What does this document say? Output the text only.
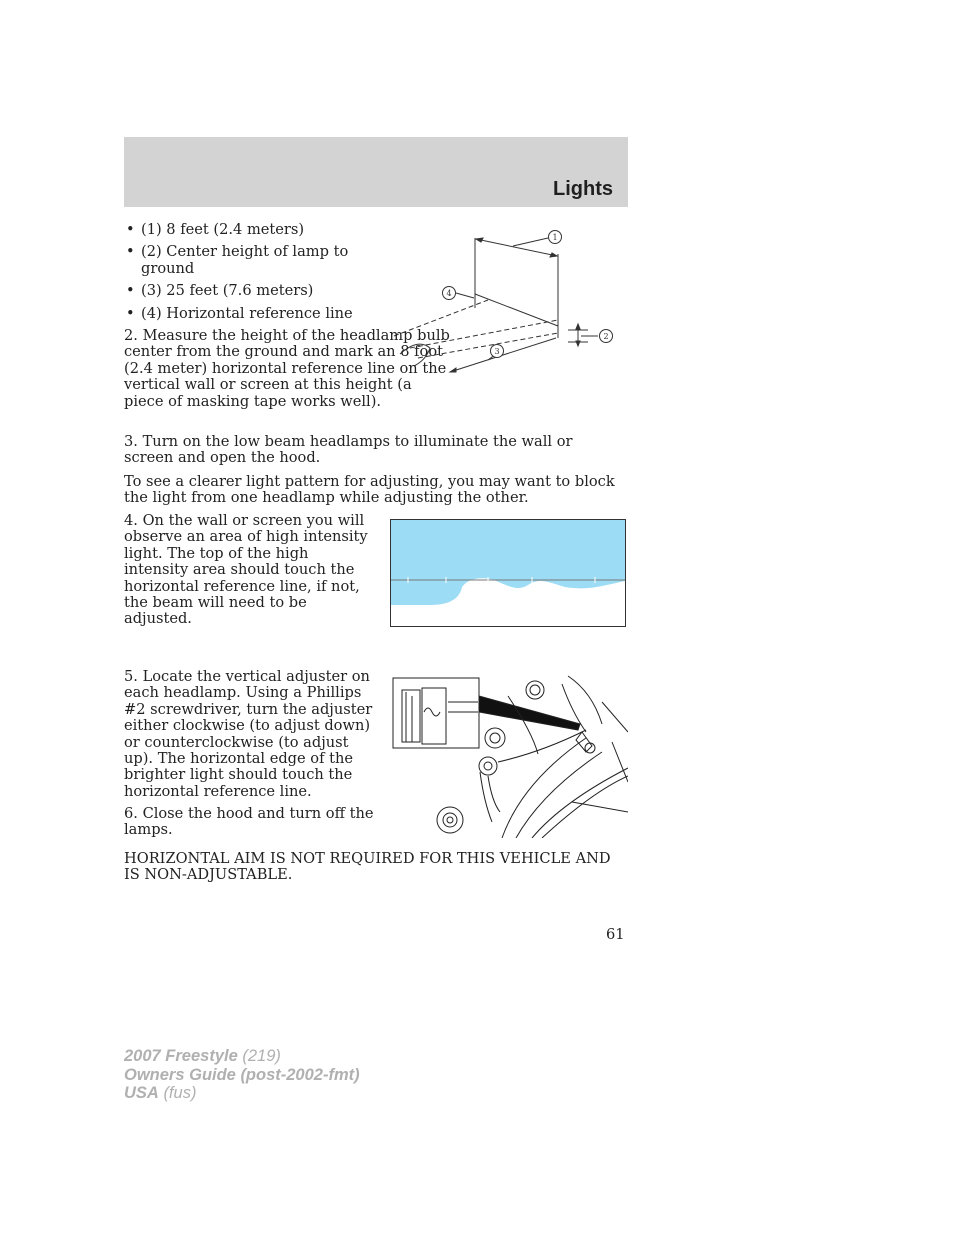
Lights
• (1) 8 feet (2.4 meters)
• (2) Center height of lamp to ground
• (3) 25 feet (7.6 meters)
• (4) Horizontal reference line
1
2
3
4
2. Measure the height of the headlamp bulb center from the ground and mark an 8 foot (2.4 meter) horizontal reference line on the vertical wall or screen at this height (a piece of masking tape works well).
3. Turn on the low beam headlamps to illuminate the wall or screen and open the hood.
To see a clearer light pattern for adjusting, you may want to block the light from one headlamp while adjusting the other.
4. On the wall or screen you will observe an area of high intensity light. The top of the high intensity area should touch the horizontal reference line, if not, the beam will need to be adjusted.
5. Locate the vertical adjuster on each headlamp. Using a Phillips #2 screwdriver, turn the adjuster either clockwise (to adjust down) or counterclockwise (to adjust up). The horizontal edge of the brighter light should touch the horizontal reference line.
6. Close the hood and turn off the lamps.
HORIZONTAL AIM IS NOT REQUIRED FOR THIS VEHICLE AND IS NON-ADJUSTABLE.
61
2007 Freestyle (219)
Owners Guide (post-2002-fmt)
USA (fus)
